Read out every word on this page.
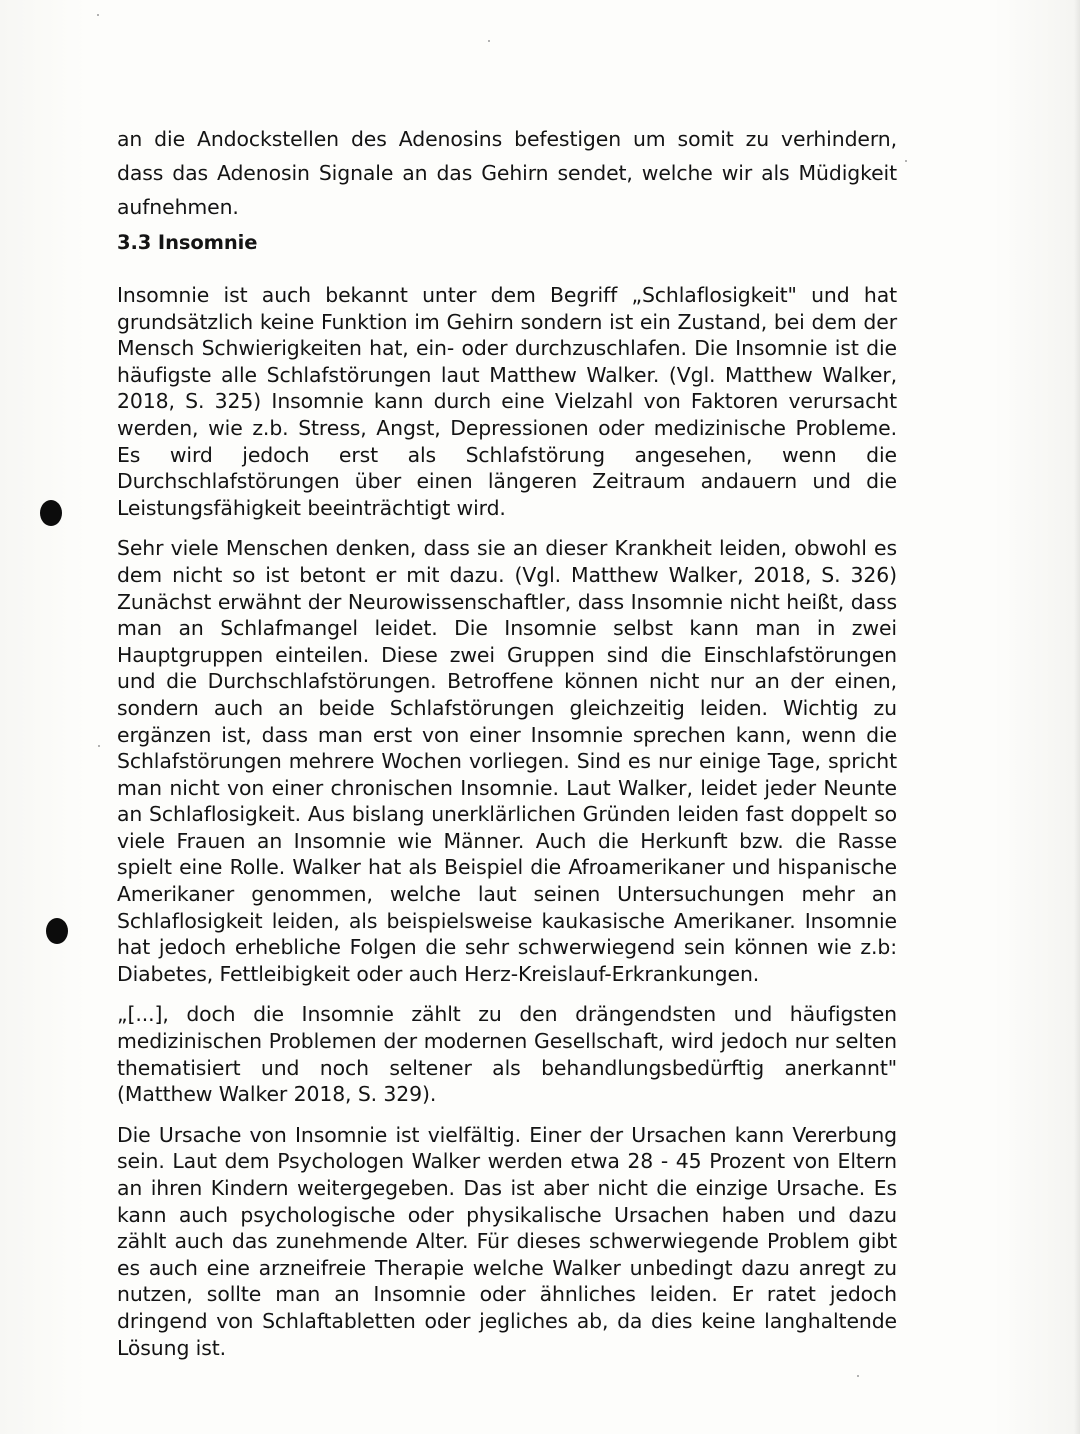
an die Andockstellen des Adenosins befestigen um somit zu verhindern, dass das Adenosin Signale an das Gehirn sendet, welche wir als Müdigkeit aufnehmen.

3.3 Insomnie

Insomnie ist auch bekannt unter dem Begriff „Schlaflosigkeit" und hat grundsätzlich keine Funktion im Gehirn sondern ist ein Zustand, bei dem der Mensch Schwierigkeiten hat, ein- oder durchzuschlafen. Die Insomnie ist die häufigste alle Schlafstörungen laut Matthew Walker. (Vgl. Matthew Walker, 2018, S. 325) Insomnie kann durch eine Vielzahl von Faktoren verursacht werden, wie z.b. Stress, Angst, Depressionen oder medizinische Probleme. Es wird jedoch erst als Schlafstörung angesehen, wenn die Durchschlafstörungen über einen längeren Zeitraum andauern und die Leistungsfähigkeit beeinträchtigt wird.

Sehr viele Menschen denken, dass sie an dieser Krankheit leiden, obwohl es dem nicht so ist betont er mit dazu. (Vgl. Matthew Walker, 2018, S. 326) Zunächst erwähnt der Neurowissenschaftler, dass Insomnie nicht heißt, dass man an Schlafmangel leidet. Die Insomnie selbst kann man in zwei Hauptgruppen einteilen. Diese zwei Gruppen sind die Einschlafstörungen und die Durchschlafstörungen. Betroffene können nicht nur an der einen, sondern auch an beide Schlafstörungen gleichzeitig leiden. Wichtig zu ergänzen ist, dass man erst von einer Insomnie sprechen kann, wenn die Schlafstörungen mehrere Wochen vorliegen. Sind es nur einige Tage, spricht man nicht von einer chronischen Insomnie. Laut Walker, leidet jeder Neunte an Schlaflosigkeit. Aus bislang unerklärlichen Gründen leiden fast doppelt so viele Frauen an Insomnie wie Männer. Auch die Herkunft bzw. die Rasse spielt eine Rolle. Walker hat als Beispiel die Afroamerikaner und hispanische Amerikaner genommen, welche laut seinen Untersuchungen mehr an Schlaflosigkeit leiden, als beispielsweise kaukasische Amerikaner. Insomnie hat jedoch erhebliche Folgen die sehr schwerwiegend sein können wie z.b: Diabetes, Fettleibigkeit oder auch Herz-Kreislauf-Erkrankungen.

„[...], doch die Insomnie zählt zu den drängendsten und häufigsten medizinischen Problemen der modernen Gesellschaft, wird jedoch nur selten thematisiert und noch seltener als behandlungsbedürftig anerkannt" (Matthew Walker 2018, S. 329).

Die Ursache von Insomnie ist vielfältig. Einer der Ursachen kann Vererbung sein. Laut dem Psychologen Walker werden etwa 28 - 45 Prozent von Eltern an ihren Kindern weitergegeben. Das ist aber nicht die einzige Ursache. Es kann auch psychologische oder physikalische Ursachen haben und dazu zählt auch das zunehmende Alter. Für dieses schwerwiegende Problem gibt es auch eine arzneifreie Therapie welche Walker unbedingt dazu anregt zu nutzen, sollte man an Insomnie oder ähnliches leiden. Er ratet jedoch dringend von Schlaftabletten oder jegliches ab, da dies keine langhaltende Lösung ist.
